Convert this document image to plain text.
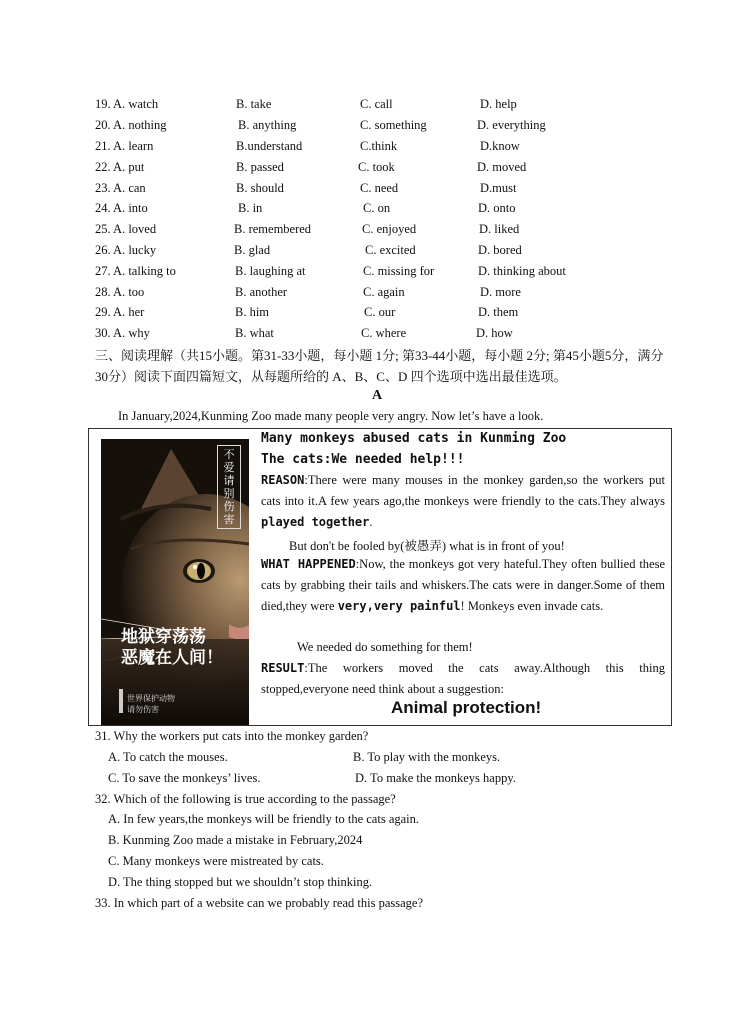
19. A. watch	B. take	C. call	D. help
20. A. nothing	B. anything	C. something	D. everything
21. A. learn	B.understand	C.think	D.know
22. A. put	B. passed	C. took	D. moved
23. A. can	B. should	C. need	D.must
24. A. into	B. in	C. on	D. onto
25. A. loved	B. remembered	C. enjoyed	D. liked
26. A. lucky	B. glad	C. excited	D. bored
27. A. talking to	B. laughing at	C. missing for	D. thinking about
28. A. too	B. another	C. again	D. more
29. A. her	B. him	C. our	D. them
30. A. why	B. what	C. where	D. how
三、阅读理解（共15小题。第31-33小题，每小题 1分; 第33-44小题，每小题 2分; 第45小题5分，满分 30分）阅读下面四篇短文，从每题所给的 A、B、C、D 四个选项中选出最佳选项。
A
In January,2024,Kunming Zoo made many people very angry. Now let’s have a look.
不爱请别伤害
地狱穿荡荡
恶魔在人间！
世界保护动物
请勿伤害
Many monkeys abused cats in Kunming Zoo
The cats:We needed help!!!
REASON:There were many mouses in the monkey garden,so the workers put cats into it.A few years ago,the monkeys were friendly to the cats.They always played together.
But don't be fooled by(被愚弄) what is in front of you!
WHAT HAPPENED:Now, the monkeys got very hateful.They often bullied these cats by grabbing their tails and whiskers.The cats were in danger.Some of them died,they were very,very painful! Monkeys even invade cats.
We needed do something for them!
RESULT:The workers moved the cats away.Although this thing stopped,everyone need think about a suggestion:
Animal protection!
31. Why the workers put cats into the monkey garden?
A. To catch the mouses.	B. To play with the monkeys.
C. To save the monkeys’ lives.	D. To make the monkeys happy.
32. Which of the following is true according to the passage?
A. In few years,the monkeys will be friendly to the cats again.
B. Kunming Zoo made a mistake in February,2024
C. Many monkeys were mistreated by cats.
D. The thing stopped but we shouldn’t stop thinking.
33. In which part of a website can we probably read this passage?
